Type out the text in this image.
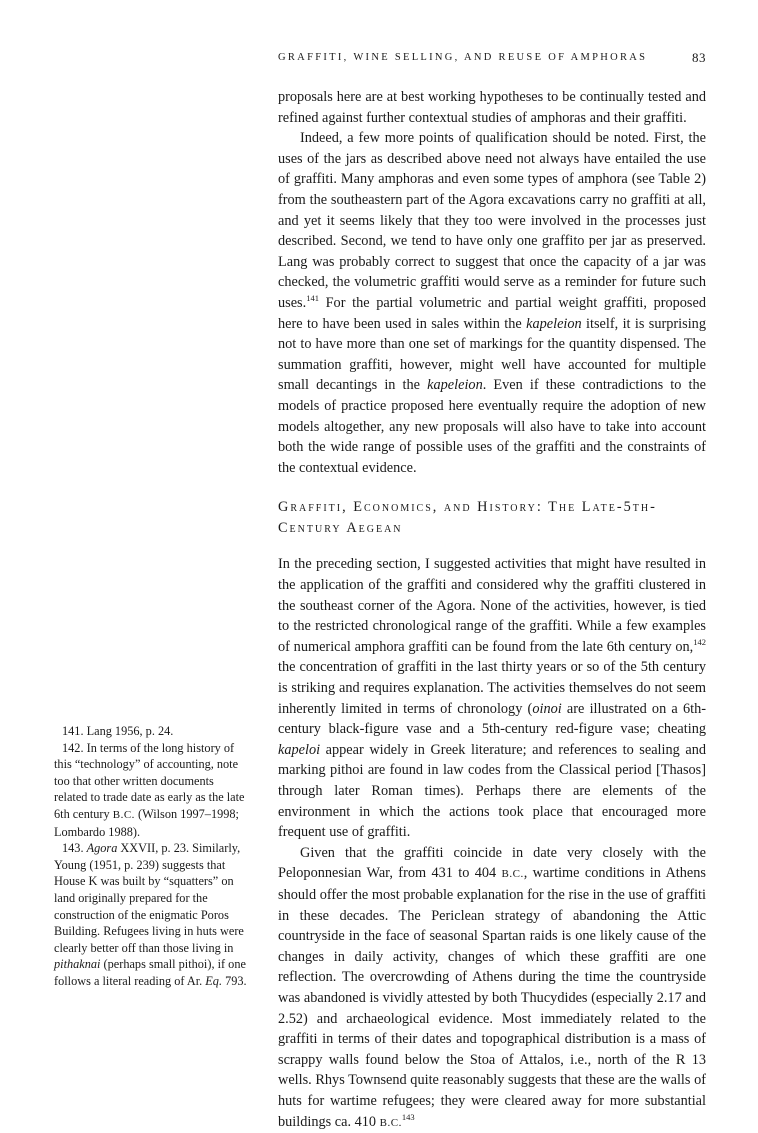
GRAFFITI, WINE SELLING, AND REUSE OF AMPHORAS	83

proposals here are at best working hypotheses to be continually tested and refined against further contextual studies of amphoras and their graffiti.

Indeed, a few more points of qualification should be noted. First, the uses of the jars as described above need not always have entailed the use of graffiti. Many amphoras and even some types of amphora (see Table 2) from the southeastern part of the Agora excavations carry no graffiti at all, and yet it seems likely that they too were involved in the processes just described. Second, we tend to have only one graffito per jar as preserved. Lang was probably correct to suggest that once the capacity of a jar was checked, the volumetric graffiti would serve as a reminder for future such uses.$^{141}$ For the partial volumetric and partial weight graffiti, proposed here to have been used in sales within the kapeleion itself, it is surprising not to have more than one set of markings for the quantity dispensed. The summation graffiti, however, might well have accounted for multiple small decantings in the kapeleion. Even if these contradictions to the models of practice proposed here eventually require the adoption of new models altogether, any new proposals will also have to take into account both the wide range of possible uses of the graffiti and the constraints of the contextual evidence.

Graffiti, Economics, and History: The Late-5th-Century Aegean

In the preceding section, I suggested activities that might have resulted in the application of the graffiti and considered why the graffiti clustered in the southeast corner of the Agora. None of the activities, however, is tied to the restricted chronological range of the graffiti. While a few examples of numerical amphora graffiti can be found from the late 6th century on,$^{142}$ the concentration of graffiti in the last thirty years or so of the 5th century is striking and requires explanation. The activities themselves do not seem inherently limited in terms of chronology (oinoi are illustrated on a 6th-century black-figure vase and a 5th-century red-figure vase; cheating kapeloi appear widely in Greek literature; and references to sealing and marking pithoi are found in law codes from the Classical period [Thasos] through later Roman times). Perhaps there are elements of the environment in which the actions took place that encouraged more frequent use of graffiti.

Given that the graffiti coincide in date very closely with the Peloponnesian War, from 431 to 404 B.C., wartime conditions in Athens should offer the most probable explanation for the rise in the use of graffiti in these decades. The Periclean strategy of abandoning the Attic countryside in the face of seasonal Spartan raids is one likely cause of the changes in daily activity, changes of which these graffiti are one reflection. The overcrowding of Athens during the time the countryside was abandoned is vividly attested by both Thucydides (especially 2.17 and 2.52) and archaeological evidence. Most immediately related to the graffiti in terms of their dates and topographical distribution is a mass of scrappy walls found below the Stoa of Attalos, i.e., north of the R 13 wells. Rhys Townsend quite reasonably suggests that these are the walls of huts for wartime refugees; they were cleared away for more substantial buildings ca. 410 B.C.$^{143}$

141. Lang 1956, p. 24.

142. In terms of the long history of this “technology” of accounting, note too that other written documents related to trade date as early as the late 6th century B.C. (Wilson 1997–1998; Lombardo 1988).

143. Agora XXVII, p. 23. Similarly, Young (1951, p. 239) suggests that House K was built by “squatters” on land originally prepared for the construction of the enigmatic Poros Building. Refugees living in huts were clearly better off than those living in pithaknai (perhaps small pithoi), if one follows a literal reading of Ar. Eq. 793.
